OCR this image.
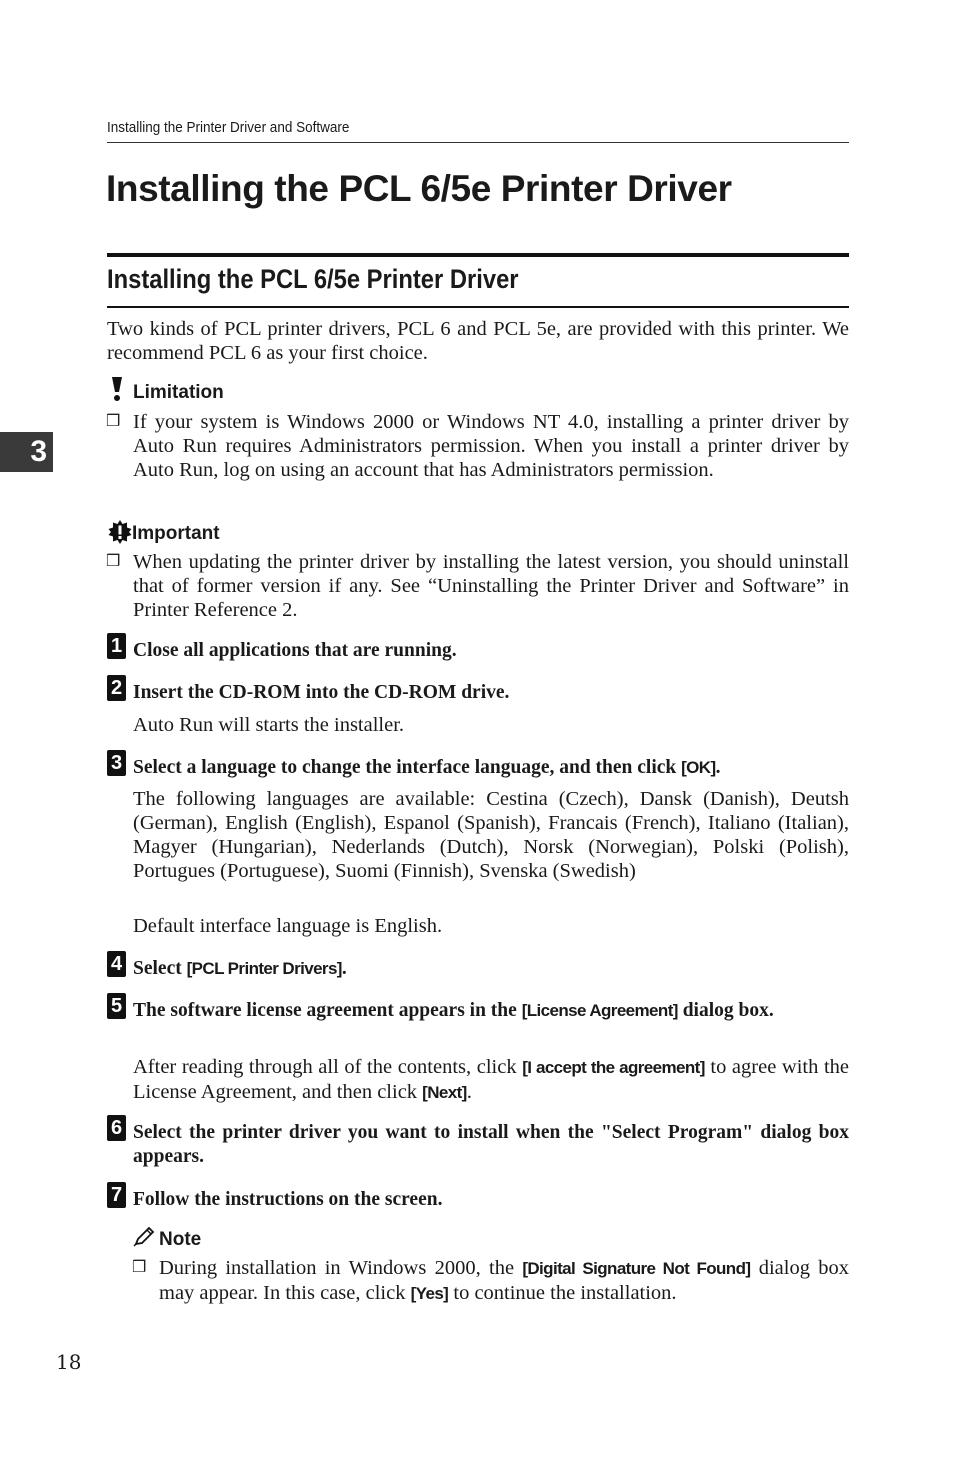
Installing the Printer Driver and Software
3
Installing the PCL 6/5e Printer Driver
Installing the PCL 6/5e Printer Driver

Two kinds of PCL printer drivers, PCL 6 and PCL 5e, are provided with this printer. We recommend PCL 6 as your first choice.

Limitation
❒ If your system is Windows 2000 or Windows NT 4.0, installing a printer driver by Auto Run requires Administrators permission. When you install a printer driver by Auto Run, log on using an account that has Administrators permission.

Important
❒ When updating the printer driver by installing the latest version, you should uninstall that of former version if any. See “Uninstalling the Printer Driver and Software” in Printer Reference 2.

1 Close all applications that are running.

2 Insert the CD-ROM into the CD-ROM drive.

Auto Run will starts the installer.

3 Select a language to change the interface language, and then click [OK].

The following languages are available: Cestina (Czech), Dansk (Danish), Deutsh (German), English (English), Espanol (Spanish), Francais (French), Italiano (Italian), Magyer (Hungarian), Nederlands (Dutch), Norsk (Norwegian), Polski (Polish), Portugues (Portuguese), Suomi (Finnish), Svenska (Swedish)

Default interface language is English.

4 Select [PCL Printer Drivers].

5 The software license agreement appears in the [License Agreement] dialog box.

After reading through all of the contents, click [I accept the agreement] to agree with the License Agreement, and then click [Next].

6 Select the printer driver you want to install when the "Select Program" dialog box appears.

7 Follow the instructions on the screen.

Note
❒ During installation in Windows 2000, the [Digital Signature Not Found] dialog box may appear. In this case, click [Yes] to continue the installation.

18
